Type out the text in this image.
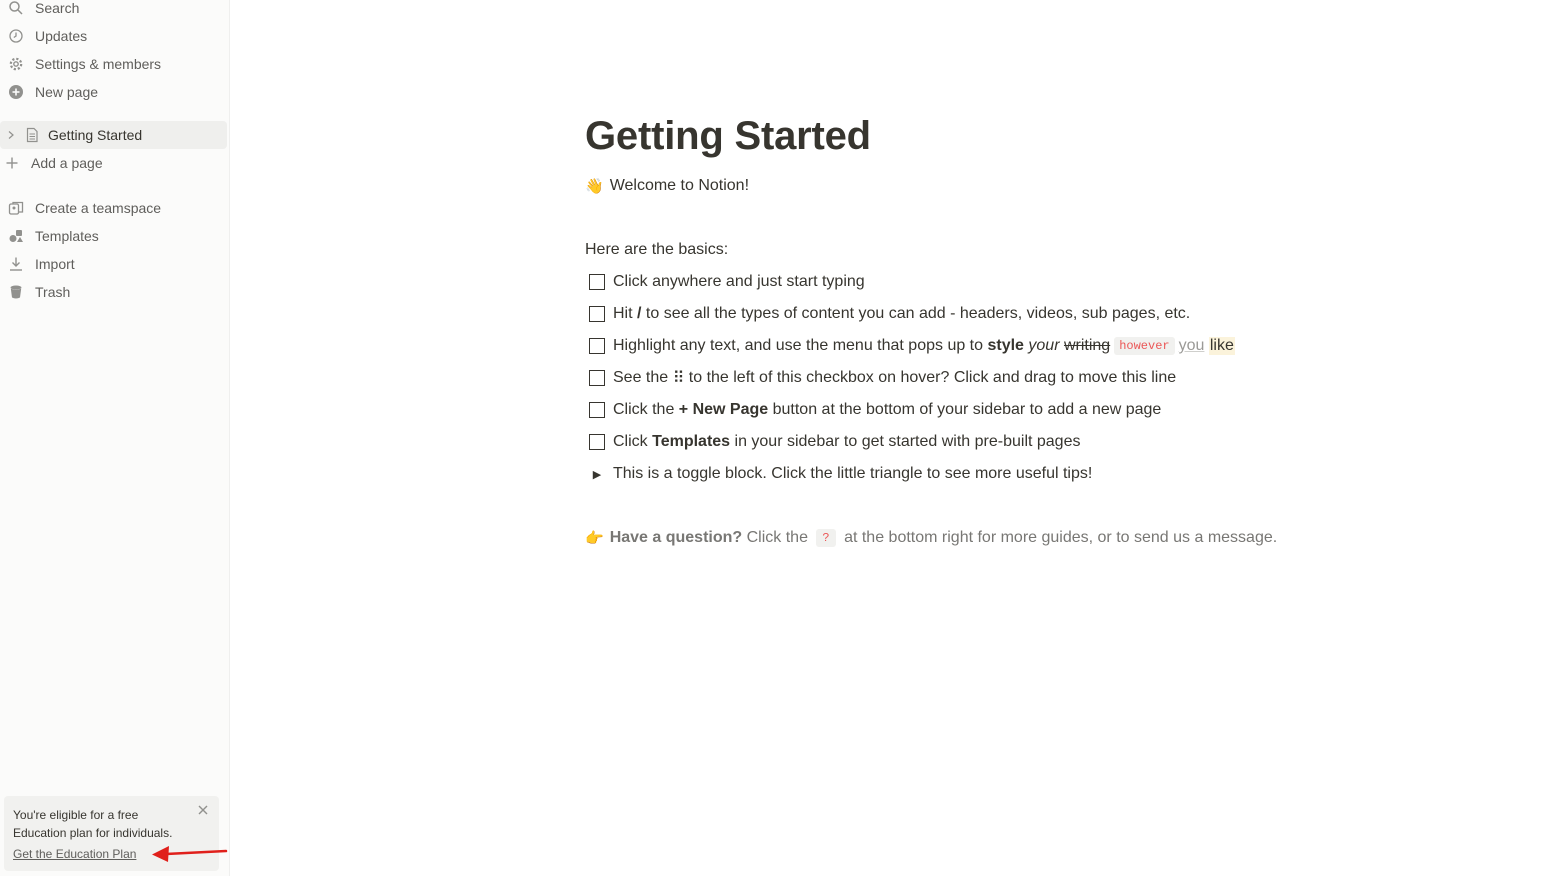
Search
Updates
Settings & members
New page
Getting Started
Add a page
Create a teamspace
Templates
Import
Trash
You're eligible for a free
Education plan for individuals.
Get the Education Plan
Getting Started
👋 Welcome to Notion!
Here are the basics:
Click anywhere and just start typing
Hit / to see all the types of content you can add - headers, videos, sub pages, etc.
Highlight any text, and use the menu that pops up to style
your
writing however you
like
See the ⠿ to the left of this checkbox on hover? Click and drag to move this line
Click the + New Page button at the bottom of your sidebar to add a new page
Click Templates in your sidebar to get started with pre-built pages
▶ This is a toggle block. Click the little triangle to see more useful tips!
👉 Have a question? Click the ? at the bottom right for more guides, or to send us a message.
